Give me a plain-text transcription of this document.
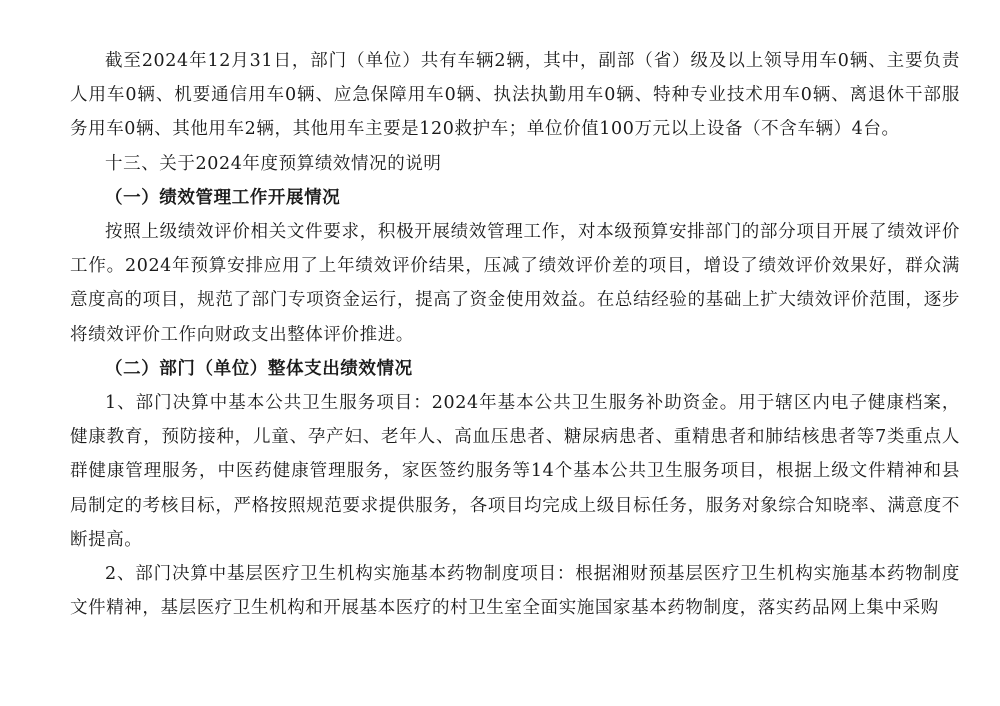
截至2024年12月31日，部门（单位）共有车辆2辆，其中，副部（省）级及以上领导用车0辆、主要负责人用车0辆、机要通信用车0辆、应急保障用车0辆、执法执勤用车0辆、特种专业技术用车0辆、离退休干部服务用车0辆、其他用车2辆，其他用车主要是120救护车；单位价值100万元以上设备（不含车辆）4台。

十三、关于2024年度预算绩效情况的说明

（一）绩效管理工作开展情况

按照上级绩效评价相关文件要求，积极开展绩效管理工作，对本级预算安排部门的部分项目开展了绩效评价工作。2024年预算安排应用了上年绩效评价结果，压减了绩效评价差的项目，增设了绩效评价效果好，群众满意度高的项目，规范了部门专项资金运行，提高了资金使用效益。在总结经验的基础上扩大绩效评价范围，逐步将绩效评价工作向财政支出整体评价推进。

（二）部门（单位）整体支出绩效情况

1、部门决算中基本公共卫生服务项目：2024年基本公共卫生服务补助资金。用于辖区内电子健康档案，健康教育，预防接种，儿童、孕产妇、老年人、高血压患者、糖尿病患者、重精患者和肺结核患者等7类重点人群健康管理服务，中医药健康管理服务，家医签约服务等14个基本公共卫生服务项目，根据上级文件精神和县局制定的考核目标，严格按照规范要求提供服务，各项目均完成上级目标任务，服务对象综合知晓率、满意度不断提高。

2、部门决算中基层医疗卫生机构实施基本药物制度项目：根据湘财预基层医疗卫生机构实施基本药物制度文件精神，基层医疗卫生机构和开展基本医疗的村卫生室全面实施国家基本药物制度，落实药品网上集中采购
